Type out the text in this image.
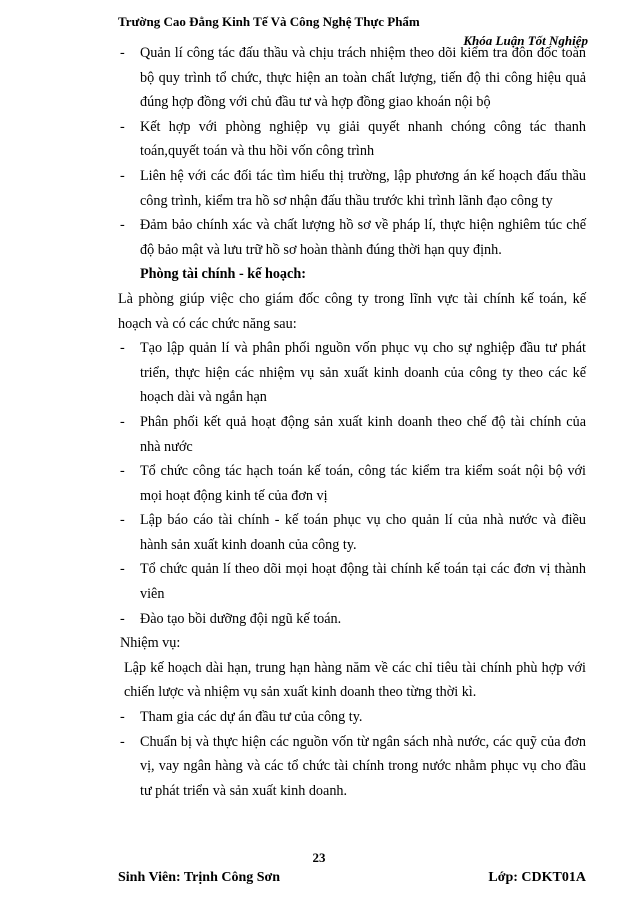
Trường Cao Đẳng Kinh Tế Và Công Nghệ Thực Phẩm
Khóa Luận Tốt Nghiệp
- Quản lí công tác đấu thầu và chịu trách nhiệm theo dõi kiểm tra đôn đốc toàn bộ quy trình tổ chức, thực hiện an toàn chất lượng, tiến độ thi công hiệu quả đúng hợp đồng với chủ đầu tư và hợp đồng giao khoán nội bộ
- Kết hợp với phòng nghiệp vụ giải quyết nhanh chóng công tác thanh toán,quyết toán và thu hồi vốn công trình
- Liên hệ với các đối tác tìm hiểu thị trường, lập phương án kế hoạch đấu thầu công trình, kiểm tra hồ sơ nhận đấu thầu trước khi trình lãnh đạo công ty
- Đảm bảo chính xác và chất lượng hồ sơ về pháp lí, thực hiện nghiêm túc chế độ bảo mật và lưu trữ hồ sơ hoàn thành đúng thời hạn quy định.
Phòng tài chính - kế hoạch:
Là phòng giúp việc cho giám đốc công ty trong lĩnh vực tài chính kế toán, kế hoạch và có các chức năng sau:
- Tạo lập quản lí và phân phối nguồn vốn phục vụ cho sự nghiệp đầu tư phát triển, thực hiện các nhiệm vụ sản xuất kinh doanh của công ty theo các kế hoạch dài và ngắn hạn
- Phân phối kết quả hoạt động sản xuất kinh doanh theo chế độ tài chính của nhà nước
- Tổ chức công tác hạch toán kế toán, công tác kiểm tra kiểm soát nội bộ với mọi hoạt động kinh tế của đơn vị
- Lập báo cáo tài chính - kế toán phục vụ cho quản lí của nhà nước và điều hành sản xuất kinh doanh của công ty.
- Tổ chức quản lí theo dõi mọi hoạt động tài chính kế toán tại các đơn vị thành viên
- Đào tạo bồi dưỡng đội ngũ kế toán.
Nhiệm vụ:
Lập kế hoạch dài hạn, trung hạn hàng năm về các chỉ tiêu tài chính phù hợp với chiến lược và nhiệm vụ sản xuất kinh doanh theo từng thời kì.
- Tham gia các dự án đầu tư của công ty.
- Chuẩn bị và thực hiện các nguồn vốn từ ngân sách nhà nước, các quỹ của đơn vị, vay ngân hàng và các tổ chức tài chính trong nước nhằm phục vụ cho đầu tư phát triển và sản xuất kinh doanh.
23
Sinh Viên: Trịnh Công Sơn	Lớp: CDKT01A
